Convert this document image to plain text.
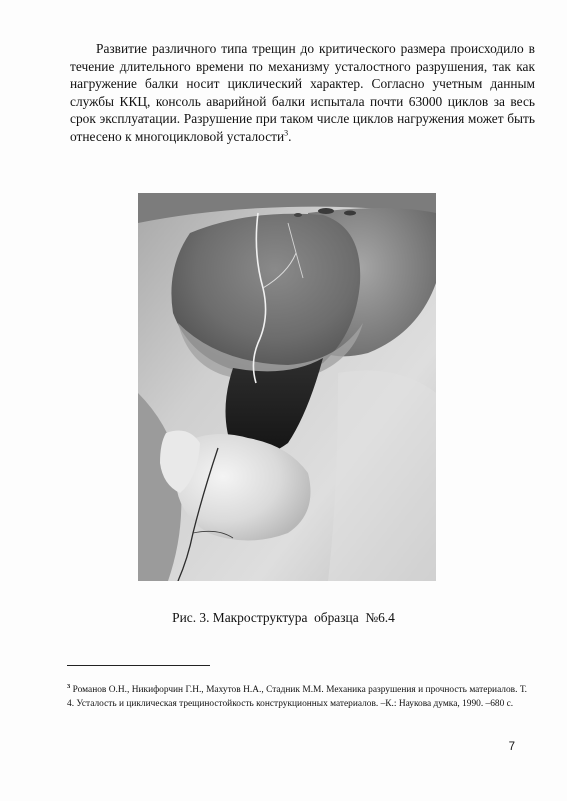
Развитие различного типа трещин до критического размера происходило в течение длительного времени по механизму усталостного разрушения, так как нагружение балки носит циклический характер. Согласно учетным данным службы ККЦ, консоль аварийной балки испытала почти 63000 циклов за весь срок эксплуатации. Разрушение при таком числе циклов нагружения может быть отнесено к многоцикловой усталости$^3$.

Рис. 3. Макроструктура  образца  №6.4

$^3$ Романов О.Н., Никифорчин Г.Н., Махутов Н.А., Стадник М.М. Механика разрушения и прочность материалов. Т. 4. Усталость и циклическая трещиностойкость конструкционных материалов. –К.: Наукова думка, 1990. –680 с.

7
